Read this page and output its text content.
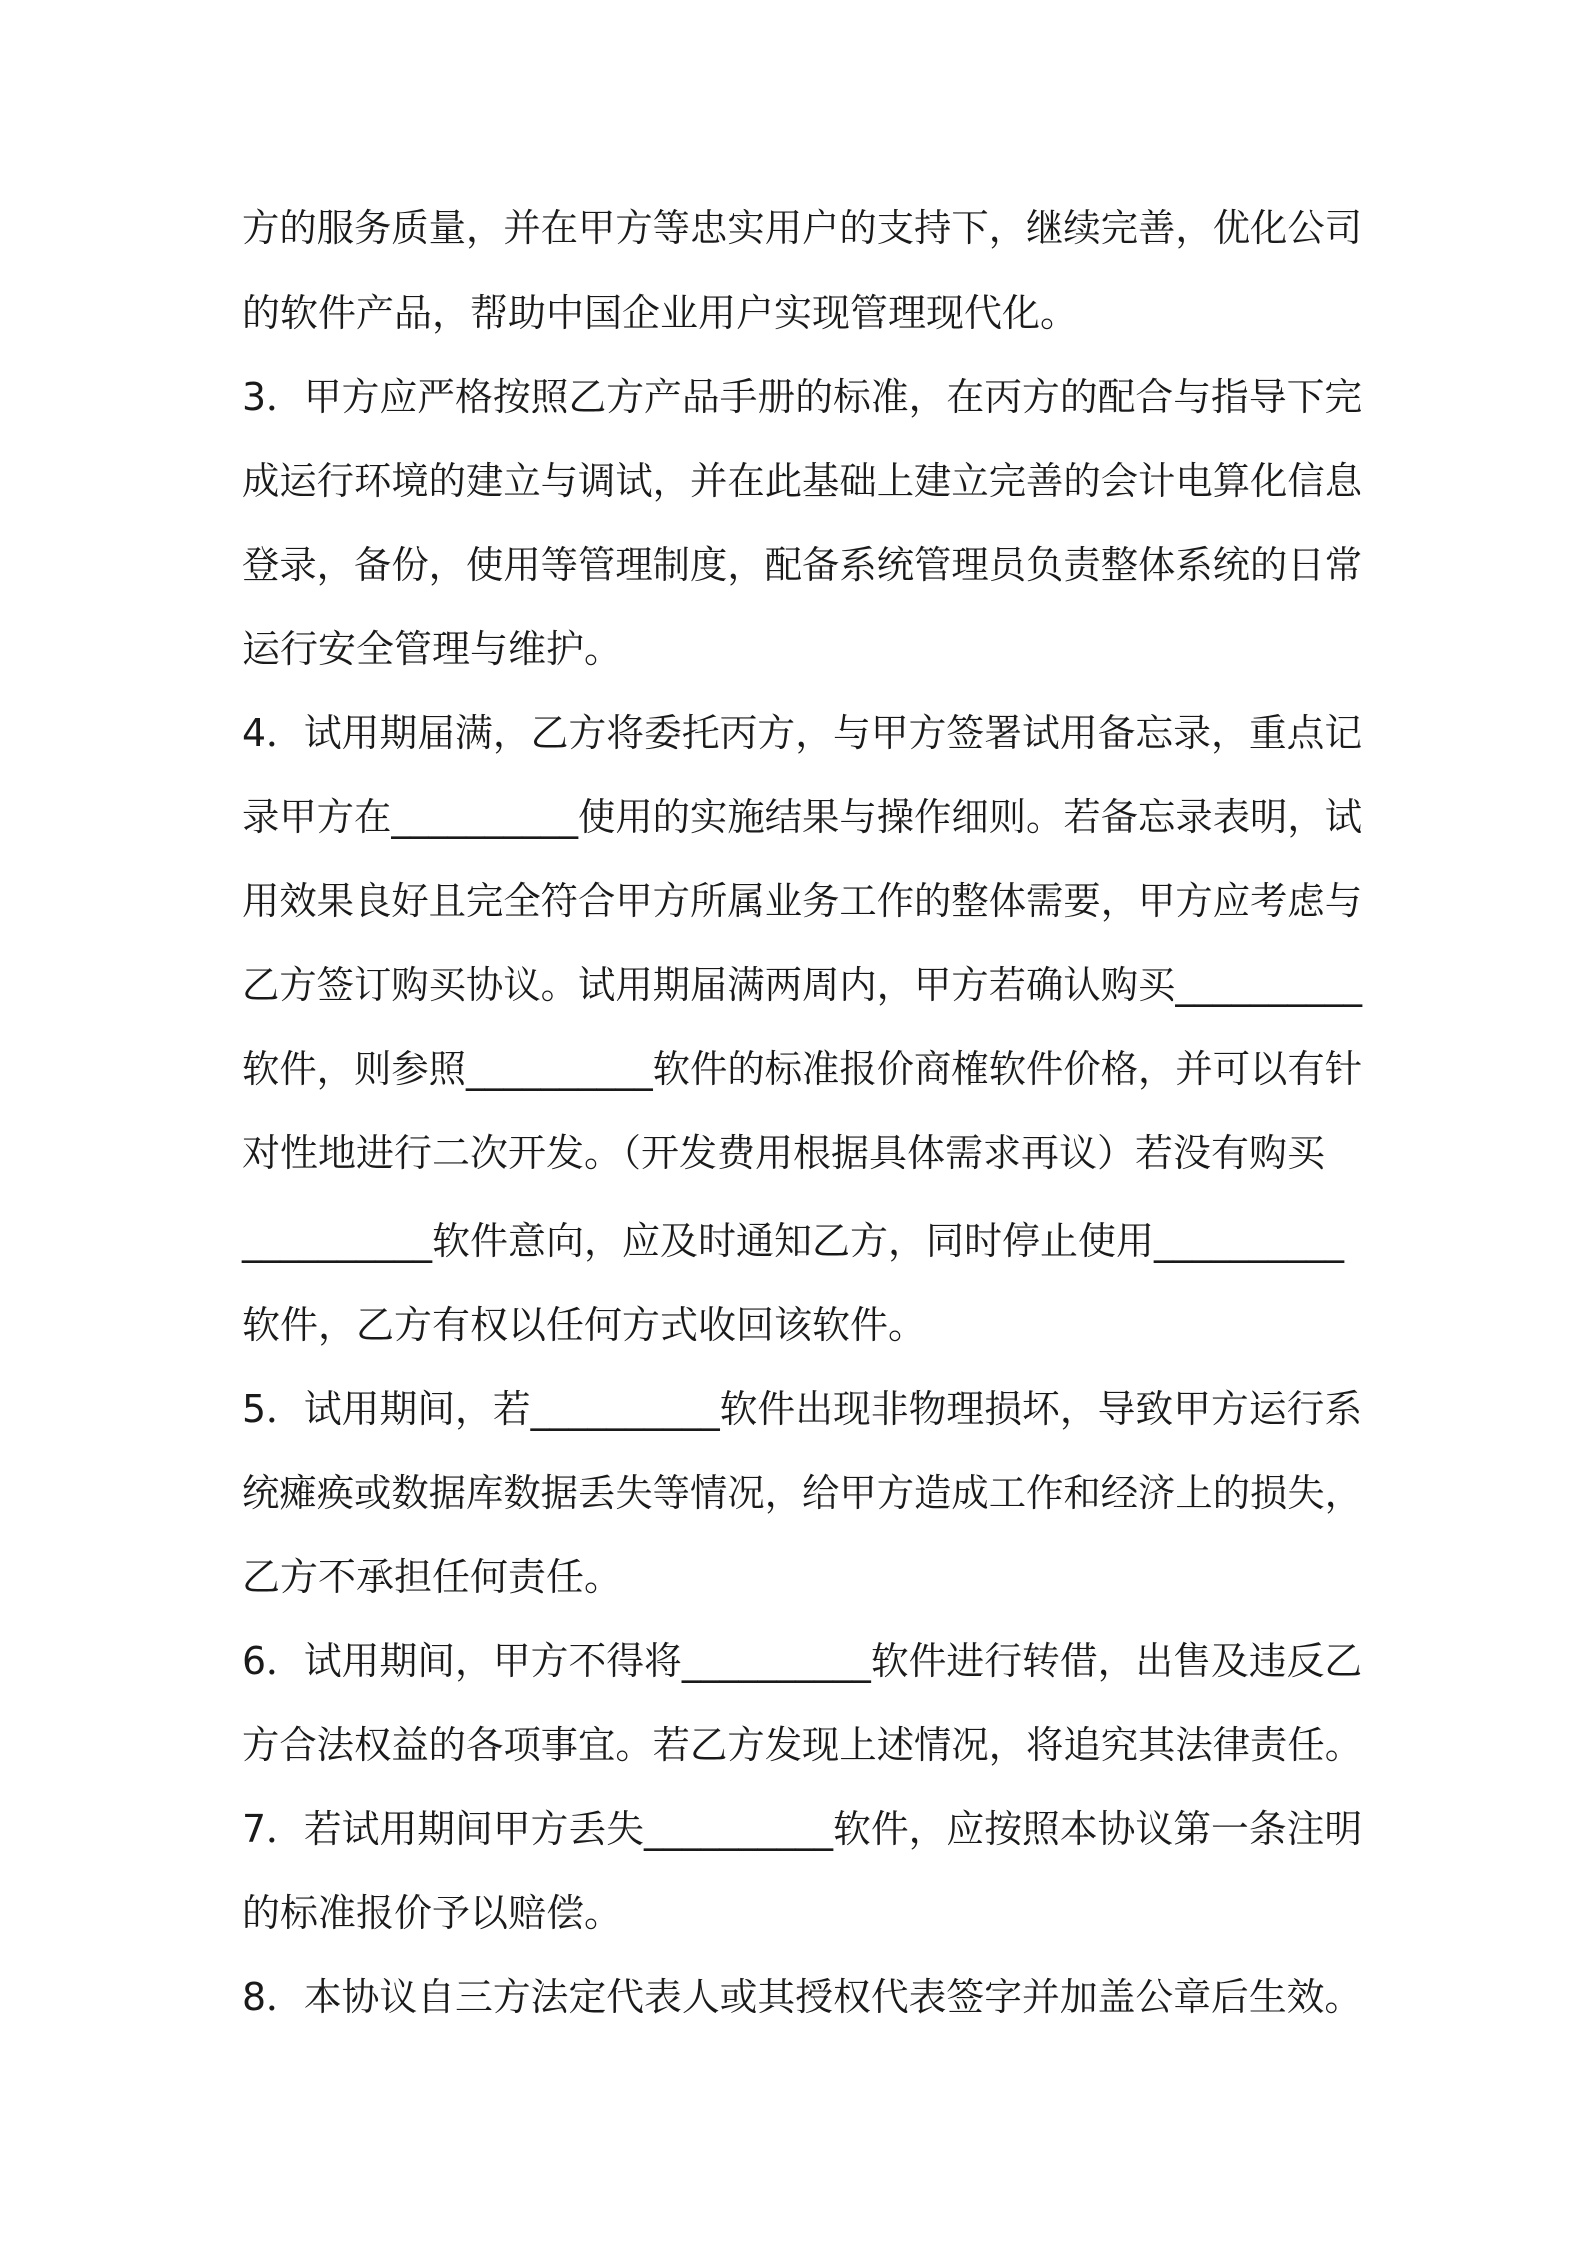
方的服务质量，并在甲方等忠实用户的支持下，继续完善，优化公司
的软件产品，帮助中国企业用户实现管理现代化。
3．甲方应严格按照乙方产品手册的标准，在丙方的配合与指导下完
成运行环境的建立与调试，并在此基础上建立完善的会计电算化信息
登录，备份，使用等管理制度，配备系统管理员负责整体系统的日常
运行安全管理与维护。
4．试用期届满，乙方将委托丙方，与甲方签署试用备忘录，重点记
录甲方在__________使用的实施结果与操作细则。若备忘录表明，试
用效果良好且完全符合甲方所属业务工作的整体需要，甲方应考虑与
乙方签订购买协议。试用期届满两周内，甲方若确认购买__________
软件，则参照__________软件的标准报价商榷软件价格，并可以有针
对性地进行二次开发。（开发费用根据具体需求再议）若没有购买
__________软件意向，应及时通知乙方，同时停止使用__________
软件，乙方有权以任何方式收回该软件。
5．试用期间，若__________软件出现非物理损坏，导致甲方运行系
统瘫痪或数据库数据丢失等情况，给甲方造成工作和经济上的损失，
乙方不承担任何责任。
6．试用期间，甲方不得将__________软件进行转借，出售及违反乙
方合法权益的各项事宜。若乙方发现上述情况，将追究其法律责任。
7．若试用期间甲方丢失__________软件，应按照本协议第一条注明
的标准报价予以赔偿。
8．本协议自三方法定代表人或其授权代表签字并加盖公章后生效。
